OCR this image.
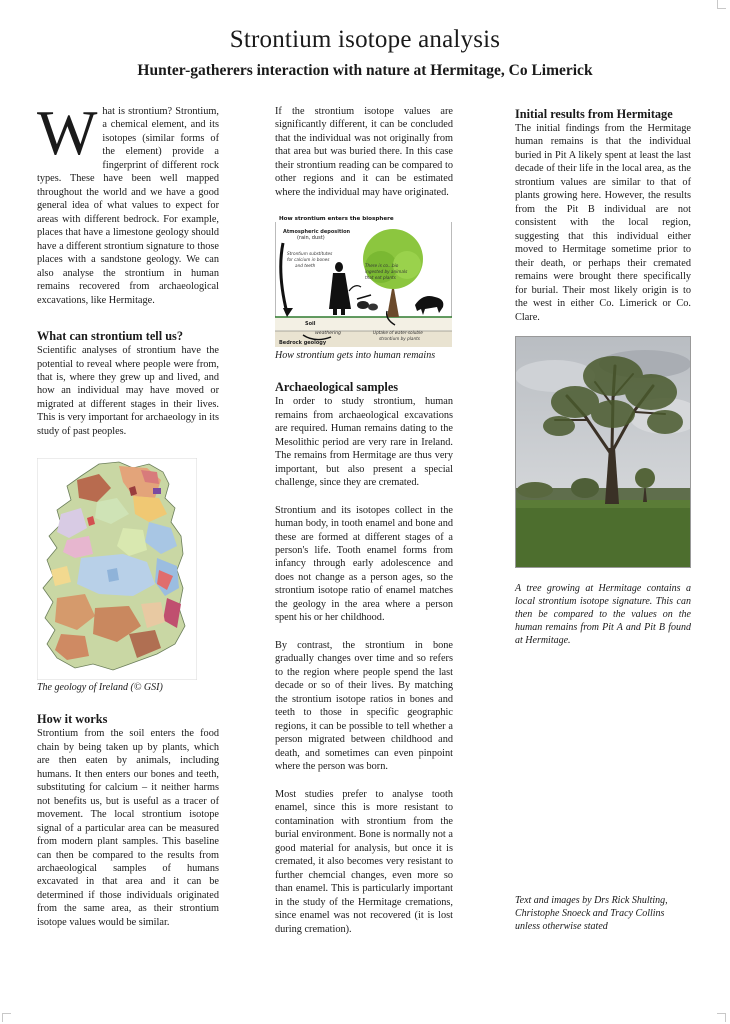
Strontium isotope analysis
Hunter-gatherers interaction with nature at Hermitage, Co Limerick

What is strontium? Strontium, a chemical element, and its isotopes (similar forms of the element) provide a fingerprint of different rock types. These have been well mapped throughout the world and we have a good general idea of what values to expect for areas with different bedrock. For example, places that have a limestone geology should have a different strontium signature to those places with a sandstone geology. We can also analyse the strontium in human remains recovered from archaeological excavations, like Hermitage.

What can strontium tell us?

Scientific analyses of strontium have the potential to reveal where people were from, that is, where they grew up and lived, and how an individual may have moved or migrated at different stages in their lives. This is very important for archaeology in its study of past peoples.

The geology of Ireland (© GSI)

How it works

Strontium from the soil enters the food chain by being taken up by plants, which are then eaten by animals, including humans. It then enters our bones and teeth, substituting for calcium – it neither harms not benefits us, but is useful as a tracer of movement. The local strontium isotope signal of a particular area can be measured from modern plant samples. This baseline can then be compared to the results from archaeological samples of humans excavated in that area and it can be determined if those individuals originated from the same area, as their strontium isotope values would be similar.

If the strontium isotope values are significantly different, it can be concluded that the individual was not originally from that area but was buried there. In this case their strontium reading can be compared to other regions and it can be estimated where the individual may have originated.

How strontium enters the biosphere
Atmospheric deposition
(rain, dust)
Strontium substitutes
for calcium in bones
and teeth	There is co...bio
ingested by animals
that eat plants
Soil
weathering	Uptake of water-soluble
strontium by plants
Bedrock geology

How strontium gets into human remains

Archaeological samples

In order to study strontium, human remains from archaeological excavations are required. Human remains dating to the Mesolithic period are very rare in Ireland. The remains from Hermitage are thus very important, but also present a special challenge, since they are cremated.

Strontium and its isotopes collect in the human body, in tooth enamel and bone and these are formed at different stages of a person's life. Tooth enamel forms from infancy through early adolescence and does not change as a person ages, so the strontium isotope ratio of enamel matches the geology in the area where a person spent his or her childhood.

By contrast, the strontium in bone gradually changes over time and so refers to the region where people spend the last decade or so of their lives. By matching the strontium isotope ratios in bones and teeth to those in specific geographic regions, it can be possible to tell whether a person migrated between childhood and death, and sometimes can even pinpoint where the person was born.

Most studies prefer to analyse tooth enamel, since this is more resistant to contamination with strontium from the burial environment. Bone is normally not a good material for analysis, but once it is cremated, it also becomes very resistant to further chemcial changes, even more so than enamel. This is particularly important in the study of the Hermitage cremations, since enamel was not recovered (it is lost during cremation).

Initial results from Hermitage

The initial findings from the Hermitage human remains is that the individual buried in Pit A likely spent at least the last decade of their life in the local area, as the strontium values are similar to that of plants growing here. However, the results from the Pit B individual are not consistent with the local region, suggesting that this individual either moved to Hermitage sometime prior to their death, or perhaps their cremated remains were brought there specifically for burial. Their most likely origin is to the west in either Co. Limerick or Co. Clare.

A tree growing at Hermitage contains a local strontium isotope signature. This can then be compared to the values on the human remains from Pit A and Pit B found at Hermitage.

Text and images by Drs Rick Shulting, Christophe Snoeck and Tracy Collins unless otherwise stated
